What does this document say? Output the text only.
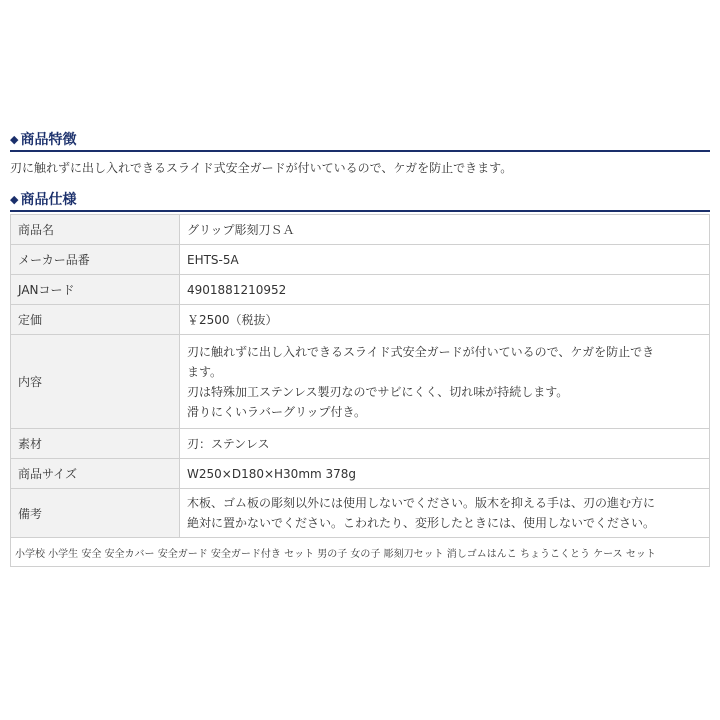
◆ 商品特徴
刃に触れずに出し入れできるスライド式安全ガードが付いているので、ケガを防止できます。
◆ 商品仕様
商品名	グリップ彫刻刀ＳＡ
メーカー品番	EHTS-5A
JANコード	4901881210952
定価	￥2500（税抜）
内容	刃に触れずに出し入れできるスライド式安全ガードが付いているので、ケガを防止でき
ます。
刃は特殊加工ステンレス製刃なのでサビにくく、切れ味が持続します。
滑りにくいラバーグリップ付き。

素材	刃：ステンレス
商品サイズ	W250×D180×H30mm 378g
備考	木板、ゴム板の彫刻以外には使用しないでください。版木を抑える手は、刃の進む方に
絶対に置かないでください。こわれたり、変形したときには、使用しないでください。
小学校 小学生 安全 安全カバー 安全ガード 安全ガード付き セット 男の子 女の子 彫刻刀セット 消しゴムはんこ ちょうこくとう ケース セット
